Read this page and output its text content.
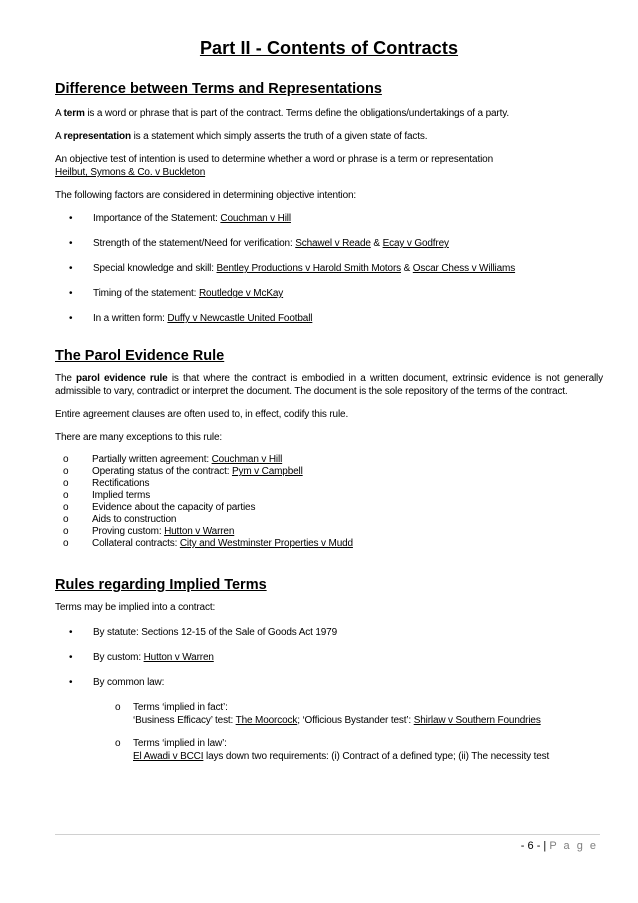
Part II - Contents of Contracts
Difference between Terms and Representations

A term is a word or phrase that is part of the contract. Terms define the obligations/undertakings of a party.

A representation is a statement which simply asserts the truth of a given state of facts.

An objective test of intention is used to determine whether a word or phrase is a term or representation
Heilbut, Symons & Co. v Buckleton

The following factors are considered in determining objective intention:

• Importance of the Statement: Couchman v Hill
• Strength of the statement/Need for verification: Schawel v Reade & Ecay v Godfrey
• Special knowledge and skill: Bentley Productions v Harold Smith Motors & Oscar Chess v Williams
• Timing of the statement: Routledge v McKay
• In a written form: Duffy v Newcastle United Football
The Parol Evidence Rule

The parol evidence rule is that where the contract is embodied in a written document, extrinsic evidence is not generally admissible to vary, contradict or interpret the document. The document is the sole repository of the terms of the contract.

Entire agreement clauses are often used to, in effect, codify this rule.

There are many exceptions to this rule:

o Partially written agreement: Couchman v Hill
o Operating status of the contract: Pym v Campbell
o Rectifications
o Implied terms
o Evidence about the capacity of parties
o Aids to construction
o Proving custom: Hutton v Warren
o Collateral contracts: City and Westminster Properties v Mudd
Rules regarding Implied Terms

Terms may be implied into a contract:

• By statute: Sections 12-15 of the Sale of Goods Act 1979
• By custom: Hutton v Warren
• By common law:
o Terms ‘implied in fact’:
‘Business Efficacy’ test: The Moorcock; ‘Officious Bystander test’: Shirlaw v Southern Foundries
o Terms ‘implied in law’:
El Awadi v BCCI lays down two requirements: (i) Contract of a defined type; (ii) The necessity test
- 6 - | P a g e
